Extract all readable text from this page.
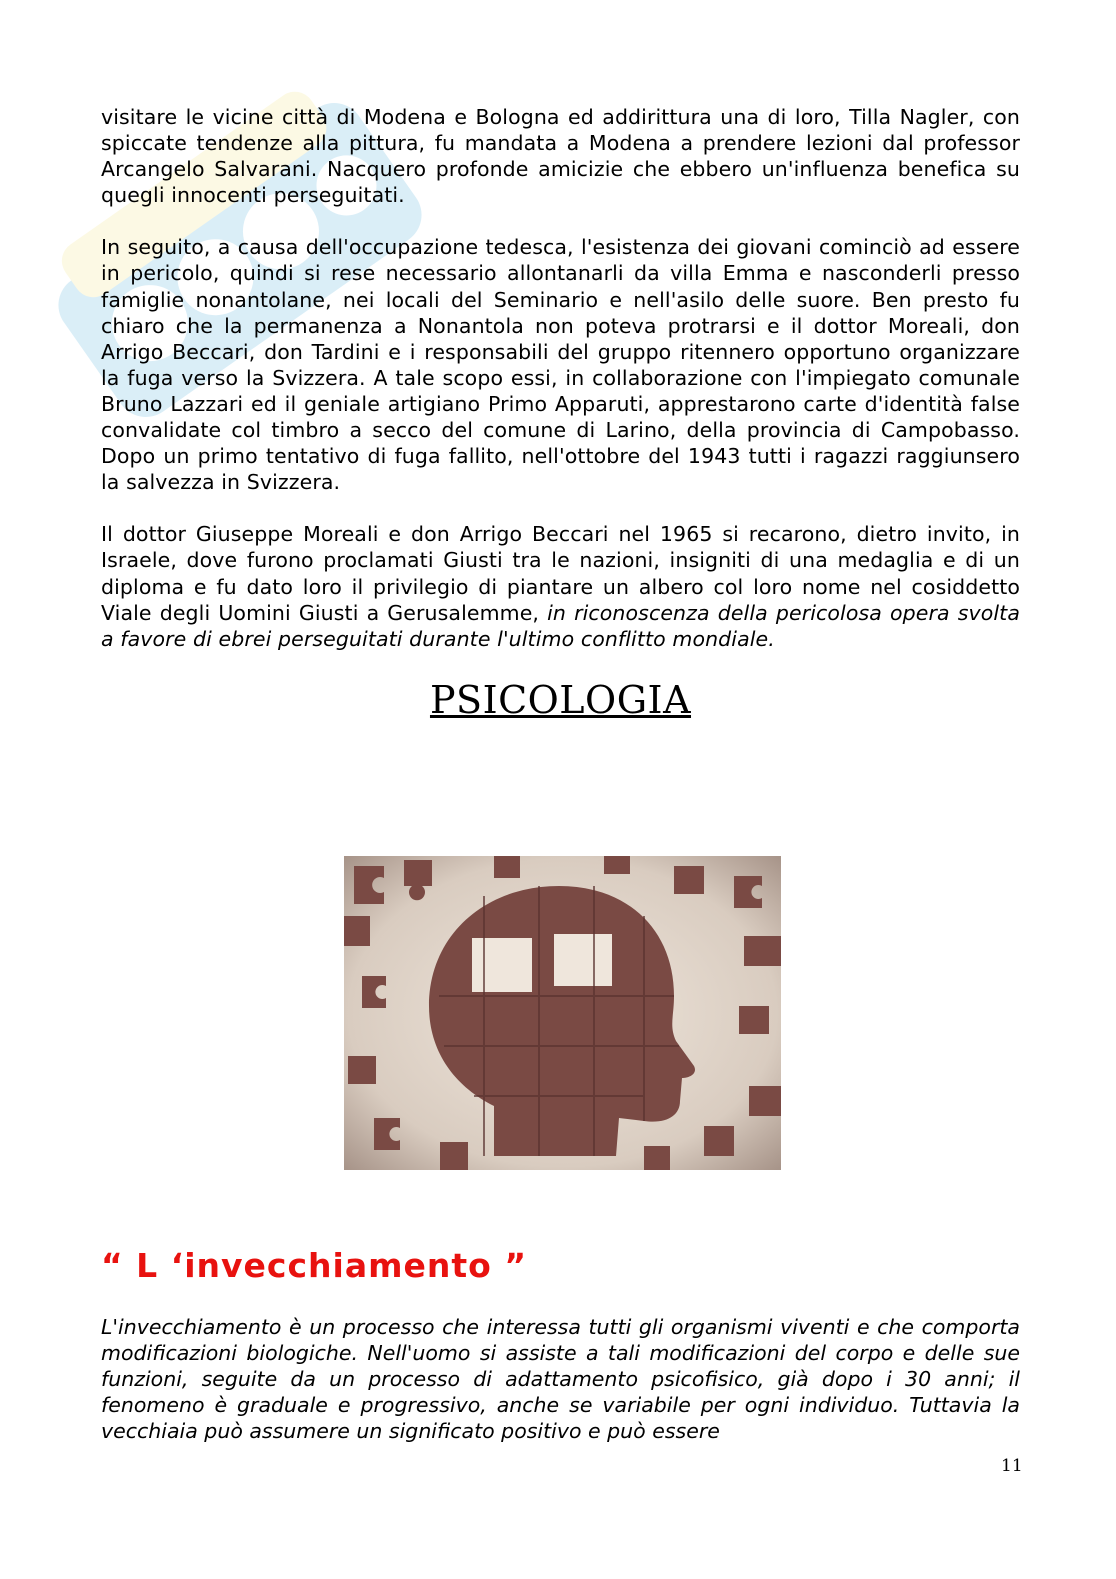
visitare le vicine città di Modena e Bologna ed addirittura una di loro, Tilla Nagler, con spiccate tendenze alla pittura, fu mandata a Modena a prendere lezioni dal professor Arcangelo Salvarani. Nacquero profonde amicizie che ebbero un'influenza benefica su quegli innocenti perseguitati.

In seguito, a causa dell'occupazione tedesca, l'esistenza dei giovani cominciò ad essere in pericolo, quindi si rese necessario allontanarli da villa Emma e nasconderli presso famiglie nonantolane, nei locali del Seminario e nell'asilo delle suore. Ben presto fu chiaro che la permanenza a Nonantola non poteva protrarsi e il dottor Moreali, don Arrigo Beccari, don Tardini e i responsabili del gruppo ritennero opportuno organizzare la fuga verso la Svizzera. A tale scopo essi, in collaborazione con l'impiegato comunale Bruno Lazzari ed il geniale artigiano Primo Apparuti, apprestarono carte d'identità false convalidate col timbro a secco del comune di Larino, della provincia di Campobasso. Dopo un primo tentativo di fuga fallito, nell'ottobre del 1943 tutti i ragazzi raggiunsero la salvezza in Svizzera.

Il dottor Giuseppe Moreali e don Arrigo Beccari nel 1965 si recarono, dietro invito, in Israele, dove furono proclamati Giusti tra le nazioni, insigniti di una medaglia e di un diploma e fu dato loro il privilegio di piantare un albero col loro nome nel cosiddetto Viale degli Uomini Giusti a Gerusalemme, in riconoscenza della pericolosa opera svolta a favore di ebrei perseguitati durante l'ultimo conflitto mondiale.

PSICOLOGIA
“ L ‘invecchiamento ”

L'invecchiamento è un processo che interessa tutti gli organismi viventi e che comporta modificazioni biologiche. Nell'uomo si assiste a tali modificazioni del corpo e delle sue funzioni, seguite da un processo di adattamento psicofisico, già dopo i 30 anni; il fenomeno è graduale e progressivo, anche se variabile per ogni individuo. Tuttavia la vecchiaia può assumere un significato positivo e può essere

11
